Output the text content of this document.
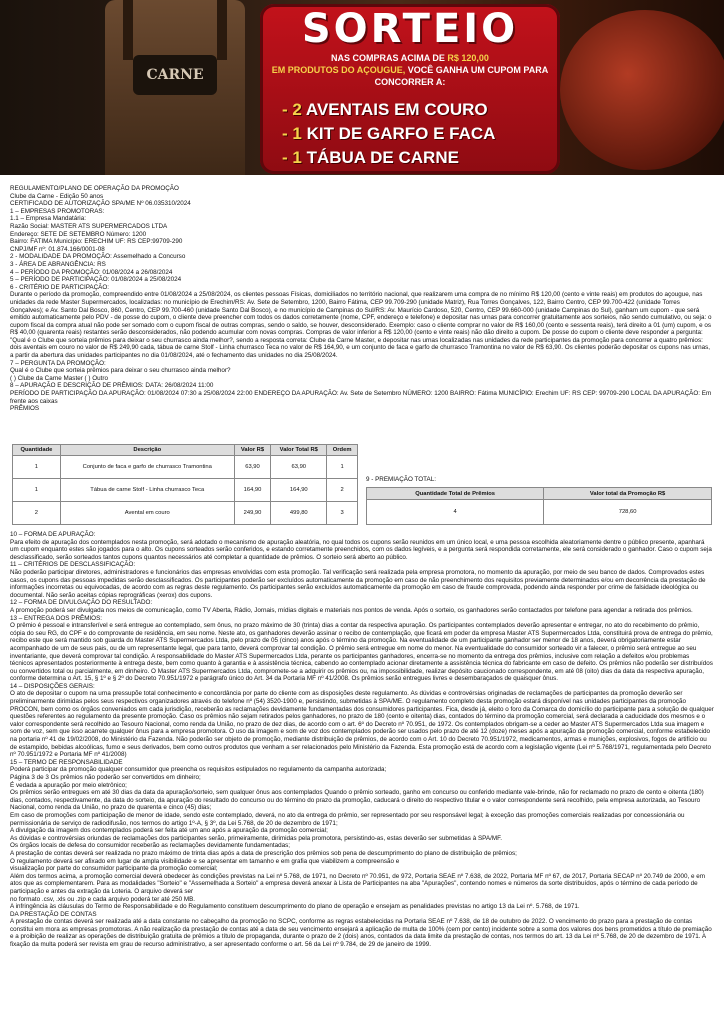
CARNE
SORTEIO
NAS COMPRAS ACIMA DE R$ 120,00
EM PRODUTOS DO AÇOUGUE, VOCÊ GANHA UM CUPOM PARA CONCORRER A:
- 2 AVENTAIS EM COURO
- 1 KIT DE GARFO E FACA
- 1 TÁBUA DE CARNE

REGULAMENTO/PLANO DE OPERAÇÃO DA PROMOÇÃO

Clube da Carne - Edição 50 anos

CERTIFICADO DE AUTORIZAÇÃO SPA/ME Nº 06.035310/2024

1 – EMPRESAS PROMOTORAS:

1.1 – Empresa Mandatária:

Razão Social: MASTER ATS SUPERMERCADOS LTDA

Endereço: SETE DE SETEMBRO Número: 1200

Bairro: FATIMA Município: ERECHIM UF: RS CEP:99709-290

CNPJ/MF nº: 01.874.166/0001-08

2 - MODALIDADE DA PROMOÇÃO: Assemelhado a Concurso

3 - ÁREA DE ABRANGÊNCIA: RS

4 – PERÍODO DA PROMOÇÃO: 01/08/2024 a 26/08/2024

5 – PERÍODO DE PARTICIPAÇÃO: 01/08/2024 a 25/08/2024

6 - CRITÉRIO DE PARTICIPAÇÃO:

Durante o período da promoção, compreendido entre 01/08/2024 a 25/08/2024, os clientes pessoas Físicas, domiciliados no território nacional, que realizarem uma compra de no mínimo R$ 120,00 (cento e vinte reais) em produtos do açougue, nas unidades da rede Master Supermercados, localizadas: no município de Erechim/RS: Av. Sete de Setembro, 1200, Bairro Fátima, CEP 99.709-290 (unidade Matriz), Rua Torres Gonçalves, 122, Bairro Centro, CEP 99.700-422 (unidade Torres Gonçalves); e Av. Santo Dal Bosco, 860, Centro, CEP 99.700-460 (unidade Santo Dal Bosco), e no município de Campinas do Sul/RS: Av. Maurício Cardoso, 520, Centro, CEP 99.660-000 (unidade Campinas do Sul), ganham um cupom - que será emitido automaticamente pelo PDV - de posse do cupom, o cliente deve preencher com todos os dados corretamente (nome, CPF, endereço e telefone) e depositar nas urnas para concorrer gratuitamente aos sorteios, não sendo cumulativo, ou seja: o cupom fiscal da compra atual não pode ser somado com o cupom fiscal de outras compras, sendo o saldo, se houver, desconsiderado. Exemplo: caso o cliente comprar no valor de R$ 160,00 (cento e sessenta reais), terá direito a 01 (um) cupom, e os R$ 40,00 (quarenta reais) restantes serão desconsiderados, não podendo acumular com novas compras. Compras de valor inferior a R$ 120,00 (cento e vinte reais) não dão direito a cupom. De posse do cupom o cliente deve responder a pergunta: "Qual é o Clube que sorteia prêmios para deixar o seu churrasco ainda melhor?, sendo a resposta correta: Clube da Carne Master, e depositar nas urnas localizadas nas unidades da rede participantes da promoção para concorrer a quatro prêmios: dois aventais em couro no valor de R$ 249,90 cada, tábua de carne Stolf - Linha churrasco Teca no valor de R$ 164,90, e um conjunto de faca e garfo de churrasco Tramontina no valor de R$ 63,90. Os clientes poderão depositar os cupons nas urnas, a partir da abertura das unidades participantes no dia 01/08/2024, até o fechamento das unidades no dia 25/08/2024.

7 – PERGUNTA DA PROMOÇÃO:

Qual é o Clube que sorteia prêmios para deixar o seu churrasco ainda melhor?

( ) Clube da Carne Master ( ) Outro

8 – APURAÇÃO E DESCRIÇÃO DE PRÊMIOS: DATA: 26/08/2024 11:00

PERÍODO DE PARTICIPAÇÃO DA APURAÇÃO: 01/08/2024 07:30 a 25/08/2024 22:00 ENDEREÇO DA APURAÇÃO: Av. Sete de Setembro NÚMERO: 1200 BAIRRO: Fátima MUNICÍPIO: Erechim UF: RS CEP: 99709-290 LOCAL DA APURAÇÃO: Em frente aos caixas

PRÊMIOS

Quantidade	Descrição	Valor R$	Valor Total R$	Ordem
1	Conjunto de faca e garfo de churrasco Tramontina	63,90	63,90	1
1	Tábua de carne Stolf - Linha churrasco Teca	164,90	164,90	2
2	Avental em couro	249,90	499,80	3
9 - PREMIAÇÃO TOTAL:
Quantidade Total de Prêmios	Valor total da Promoção R$
4	728,60

10 – FORMA DE APURAÇÃO:

Para efeito de apuração dos contemplados nesta promoção, será adotado o mecanismo de apuração aleatória, no qual todos os cupons serão reunidos em um único local, e uma pessoa escolhida aleatoriamente dentre o público presente, apanhará um cupom enquanto estes são jogados para o alto. Os cupons sorteados serão conferidos, e estando corretamente preenchidos, com os dados legíveis, e a pergunta será respondida corretamente, ele será considerado o ganhador. Caso o cupom seja desclassificado, serão sorteados tantos cupons quantos necessários até completar a quantidade de prêmios. O sorteio será aberto ao público.

11 – CRITÉRIOS DE DESCLASSIFICAÇÃO:

Não poderão participar diretores, administradores e funcionários das empresas envolvidas com esta promoção. Tal verificação será realizada pela empresa promotora, no momento da apuração, por meio de seu banco de dados. Comprovados estes casos, os cupons das pessoas impedidas serão desclassificados. Os participantes poderão ser excluídos automaticamente da promoção em caso de não preenchimento dos requisitos previamente determinados e/ou em decorrência da prestação de informações incorretas ou equivocadas, de acordo com as regras deste regulamento. Os participantes serão excluídos automaticamente da promoção em caso de fraude comprovada, podendo ainda responder por crime de falsidade ideológica ou documental. Não serão aceitas cópias reprográficas (xerox) dos cupons.

12 – FORMA DE DIVULGAÇÃO DO RESULTADO:

A promoção poderá ser divulgada nos meios de comunicação, como TV Aberta, Rádio, Jornais, mídias digitais e materiais nos pontos de venda. Após o sorteio, os ganhadores serão contactados por telefone para agendar a retirada dos prêmios.

13 – ENTREGA DOS PRÊMIOS:

O prêmio é pessoal e intransferível e será entregue ao contemplado, sem ônus, no prazo máximo de 30 (trinta) dias a contar da respectiva apuração. Os participantes contemplados deverão apresentar e entregar, no ato do recebimento do prêmio, cópia do seu RG, do CPF e do comprovante de residência, em seu nome. Neste ato, os ganhadores deverão assinar o recibo de contemplação, que ficará em poder da empresa Master ATS Supermercados Ltda, constituirá prova de entrega do prêmio, recibo este que será mantido sob guarda do Master ATS Supermercados Ltda, pelo prazo de 05 (cinco) anos após o término da promoção. Na eventualidade de um participante ganhador ser menor de 18 anos, deverá obrigatoriamente estar acompanhado de um de seus pais, ou de um representante legal, que para tanto, deverá comprovar tal condição. O prêmio será entregue em nome do menor. Na eventualidade do consumidor sorteado vir a falecer, o prêmio será entregue ao seu inventariante, que deverá comprovar tal condição. A responsabilidade do Master ATS Supermercados Ltda, perante os participantes ganhadores, encerra-se no momento da entrega dos prêmios, inclusive com relação a defeitos e/ou problemas técnicos apresentados posteriormente à entrega deste, bem como quanto à garantia e à assistência técnica, cabendo ao contemplado acionar diretamente a assistência técnica do fabricante em caso de defeito. Os prêmios não poderão ser distribuídos ou convertidos total ou parcialmente, em dinheiro. O Master ATS Supermercados Ltda, compromete-se a adquirir os prêmios ou, na impossibilidade, realizar depósito caucionado correspondente, em até 08 (oito) dias da data da respectiva apuração, conforme determina o Art. 15, § 1º e § 2º do Decreto 70.951/1972 e parágrafo único do Art. 34 da Portaria MF nº 41/2008. Os prêmios serão entregues livres e desembaraçados de quaisquer ônus.

14 – DISPOSIÇÕES GERAIS:

O ato de depositar o cupom na urna pressupõe total conhecimento e concordância por parte do cliente com as disposições deste regulamento. As dúvidas e controvérsias originadas de reclamações de participantes da promoção deverão ser preliminarmente dirimidas pelos seus respectivos organizadores através do telefone nº (54) 3520-1900 e, persistindo, submetidas à SPA/ME. O regulamento completo desta promoção estará disponível nas unidades participantes da promoção PROCON, bem como os órgãos conveniados em cada jurisdição, receberão as reclamações devidamente fundamentadas dos consumidores participantes. Fica, desde já, eleito o foro da Comarca do domicílio do participante para a solução de qualquer questões referentes ao regulamento da presente promoção. Caso os prêmios não sejam retirados pelos ganhadores, no prazo de 180 (cento e oitenta) dias, contados do término da promoção comercial, será declarada a caducidade dos mesmos e o valor correspondente será recolhido ao Tesouro Nacional, como renda da União, no prazo de dez dias, de acordo com o art. 6º do Decreto nº 70.951, de 1972. Os contemplados obrigam-se a ceder ao Master ATS Supermercados Ltda sua imagem e som de voz, sem que isso acarrete qualquer ônus para a empresa promotora. O uso da imagem e som de voz dos contemplados poderão ser usados pelo prazo de até 12 (doze) meses após a apuração da promoção comercial, conforme estabelecido na portaria nº 41 de 19/02/2008, do Ministério da Fazenda. Não poderão ser objeto de promoção, mediante distribuição de prêmios, de acordo com o Art. 10 do Decreto 70.951/1972, medicamentos, armas e munições, explosivos, fogos de artifício ou de estampido, bebidas alcoólicas, fumo e seus derivados, bem como outros produtos que venham a ser relacionados pelo Ministério da Fazenda. Esta promoção está de acordo com a legislação vigente (Lei nº 5.768/1971, regulamentada pelo Decreto nº 70.951/1972 e Portaria MF nº 41/2008)

15 – TERMO DE RESPONSABILIDADE

Poderá participar da promoção qualquer consumidor que preencha os requisitos estipulados no regulamento da campanha autorizada;

Página 3 de 3 Os prêmios não poderão ser convertidos em dinheiro;

É vedada a apuração por meio eletrônico;

Os prêmios serão entregues em até 30 dias da data da apuração/sorteio, sem qualquer ônus aos contemplados Quando o prêmio sorteado, ganho em concurso ou conferido mediante vale-brinde, não for reclamado no prazo de cento e oitenta (180) dias, contados, respectivamente, da data do sorteio, da apuração do resultado do concurso ou do término do prazo da promoção, caducará o direito do respectivo titular e o valor correspondente será recolhido, pela empresa autorizada, ao Tesouro Nacional, como renda da União, no prazo de quarenta e cinco (45) dias;

Em caso de promoções com participação de menor de idade, sendo este contemplado, deverá, no ato da entrega do prêmio, ser representado por seu responsável legal; à exceção das promoções comerciais realizadas por concessionária ou permissionária de serviço de radiodifusão, nos termos do artigo 1º-A, § 3º, da Lei 5.768, de 20 de dezembro de 1971;

A divulgação da imagem dos contemplados poderá ser feita até um ano após a apuração da promoção comercial;

As dúvidas e controvérsias oriundas de reclamações dos participantes serão, primeiramente, dirimidas pela promotora, persistindo-as, estas deverão ser submetidas à SPA/MF.

Os órgãos locais de defesa do consumidor receberão as reclamações devidamente fundamentadas;

A prestação de contas deverá ser realizada no prazo máximo de trinta dias após a data de prescrição dos prêmios sob pena de descumprimento do plano de distribuição de prêmios;

O regulamento deverá ser afixado em lugar de ampla visibilidade e se apresentar em tamanho e em grafia que viabilizem a compreensão e

visualização por parte do consumidor participante da promoção comercial;

Além dos termos acima, a promoção comercial deverá obedecer às condições previstas na Lei nº 5.768, de 1971, no Decreto nº 70.951, de 972, Portaria SEAE nº 7.638, de 2022, Portaria MF nº 67, de 2017, Portaria SECAP nº 20.749 de 2000, e em atos que as complementarem. Para as modalidades "Sorteio" e "Assemelhada a Sorteio" a empresa deverá anexar à Lista de Participantes na aba "Apurações", contendo nomes e números da sorte distribuídos, após o término de cada período de participação e antes da extração da Loteria. O arquivo deverá ser

no formato .csv, .xls ou .zip e cada arquivo poderá ter até 250 MB.

A infringência às cláusulas do Termo de Responsabilidade e do Regulamento constituem descumprimento do plano de operação e ensejam as penalidades previstas no artigo 13 da Lei nº. 5.768, de 1971.

DA PRESTAÇÃO DE CONTAS

A prestação de contas deverá ser realizada até a data constante no cabeçalho da promoção no SCPC, conforme as regras estabelecidas na Portaria SEAE nº 7.638, de 18 de outubro de 2022. O vencimento do prazo para a prestação de contas constitui em mora as empresas promotoras. A não realização da prestação de contas até a data de seu vencimento ensejará a aplicação de multa de 100% (cem por cento) incidente sobre a soma dos valores dos bens prometidos a título de premiação e a proibição de realizar as operações de distribuição gratuita de prêmios a título de propaganda, durante o prazo de 2 (dois) anos, contados da data limite da prestação de contas, nos termos do art. 13 da Lei nº 5.768, de 20 de dezembro de 1971. A fixação da multa poderá ser revista em grau de recurso administrativo, a ser apresentado conforme o art. 56 da Lei nº 9.784, de 29 de janeiro de 1999.
